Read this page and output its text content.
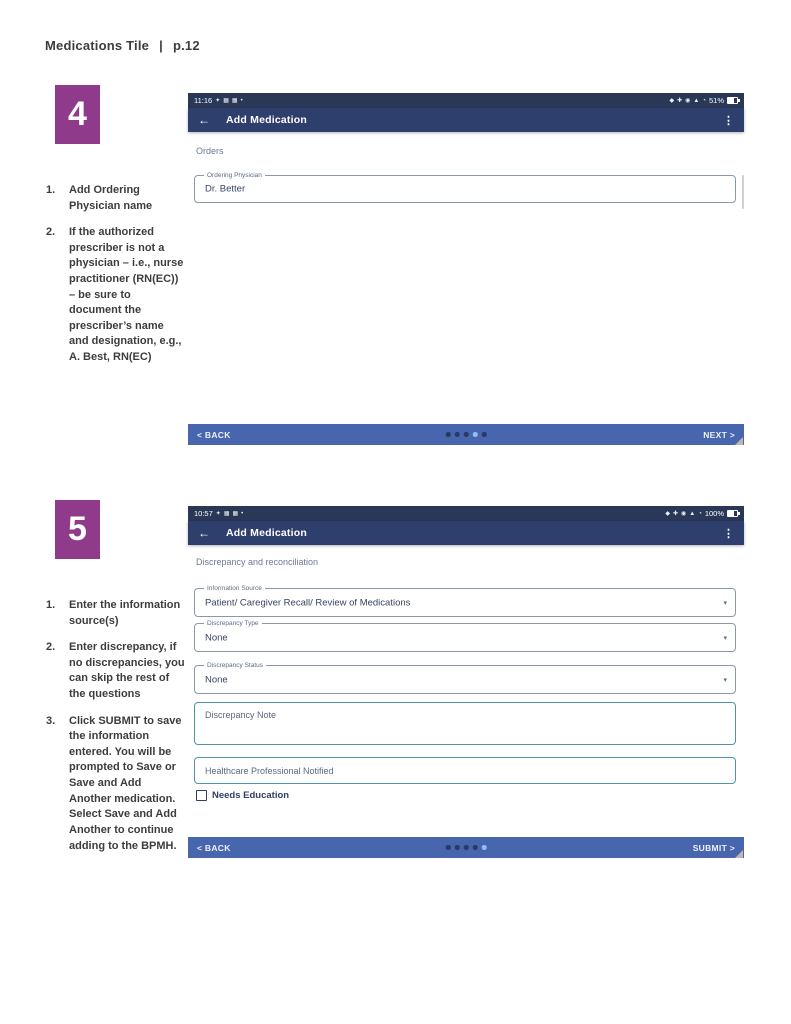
Medications Tile | p.12
4
1.	Add Ordering Physician name
2.	If the authorized prescriber is not a physician – i.e., nurse practitioner (RN(EC)) – be sure to document the prescriber’s name and designation, e.g., A. Best, RN(EC)
11:16 ✦ ▦ ▦ •	◆ ✚ ◉ ▲ ◔ 51%
← Add Medication	⋮
Orders
Ordering Physician
Dr. Better
< BACK	NEXT >
5
1.	Enter the information source(s)
2.	Enter discrepancy, if no discrepancies, you can skip the rest of the questions
3.	Click SUBMIT to save the information entered. You will be prompted to Save or Save and Add Another medication. Select Save and Add Another to continue adding to the BPMH.
10:57 ✦ ▦ ▦ •	◆ ✚ ◉ ▲ ◔ 100%
← Add Medication	⋮
Discrepancy and reconciliation
Information Source
Patient/ Caregiver Recall/ Review of Medications	▾
Discrepancy Type
None	▾
Discrepancy Status
None	▾
Discrepancy Note
Healthcare Professional Notified
Needs Education
< BACK	SUBMIT >
